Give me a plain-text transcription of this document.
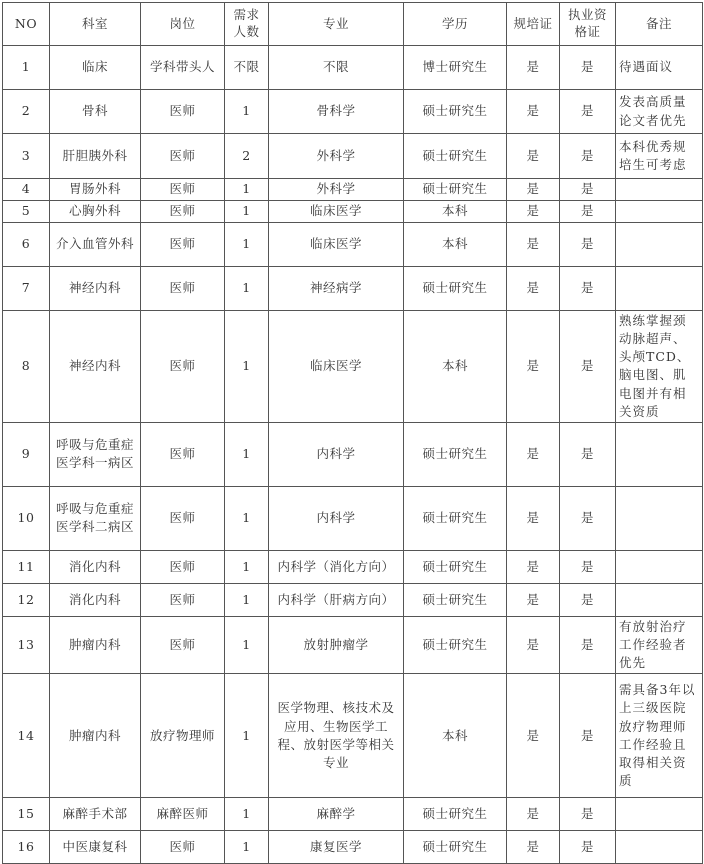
NO	科室	岗位	需求人数	专业	学历	规培证	执业资格证	备注
1	临床	学科带头人	不限	不限	博士研究生	是	是	待遇面议
2	骨科	医师	1	骨科学	硕士研究生	是	是	发表高质量论文者优先
3	肝胆胰外科	医师	2	外科学	硕士研究生	是	是	本科优秀规培生可考虑
4	胃肠外科	医师	1	外科学	硕士研究生	是	是	
5	心胸外科	医师	1	临床医学	本科	是	是	
6	介入血管外科	医师	1	临床医学	本科	是	是	
7	神经内科	医师	1	神经病学	硕士研究生	是	是	
8	神经内科	医师	1	临床医学	本科	是	是	熟练掌握颈动脉超声、头颅TCD、脑电图、肌电图并有相关资质
9	呼吸与危重症医学科一病区	医师	1	内科学	硕士研究生	是	是	
10	呼吸与危重症医学科二病区	医师	1	内科学	硕士研究生	是	是	
11	消化内科	医师	1	内科学（消化方向）	硕士研究生	是	是	
12	消化内科	医师	1	内科学（肝病方向）	硕士研究生	是	是	
13	肿瘤内科	医师	1	放射肿瘤学	硕士研究生	是	是	有放射治疗工作经验者优先
14	肿瘤内科	放疗物理师	1	医学物理、核技术及应用、生物医学工程、放射医学等相关专业	本科	是	是	需具备3年以上三级医院放疗物理师工作经验且取得相关资质
15	麻醉手术部	麻醉医师	1	麻醉学	硕士研究生	是	是	
16	中医康复科	医师	1	康复医学	硕士研究生	是	是	
